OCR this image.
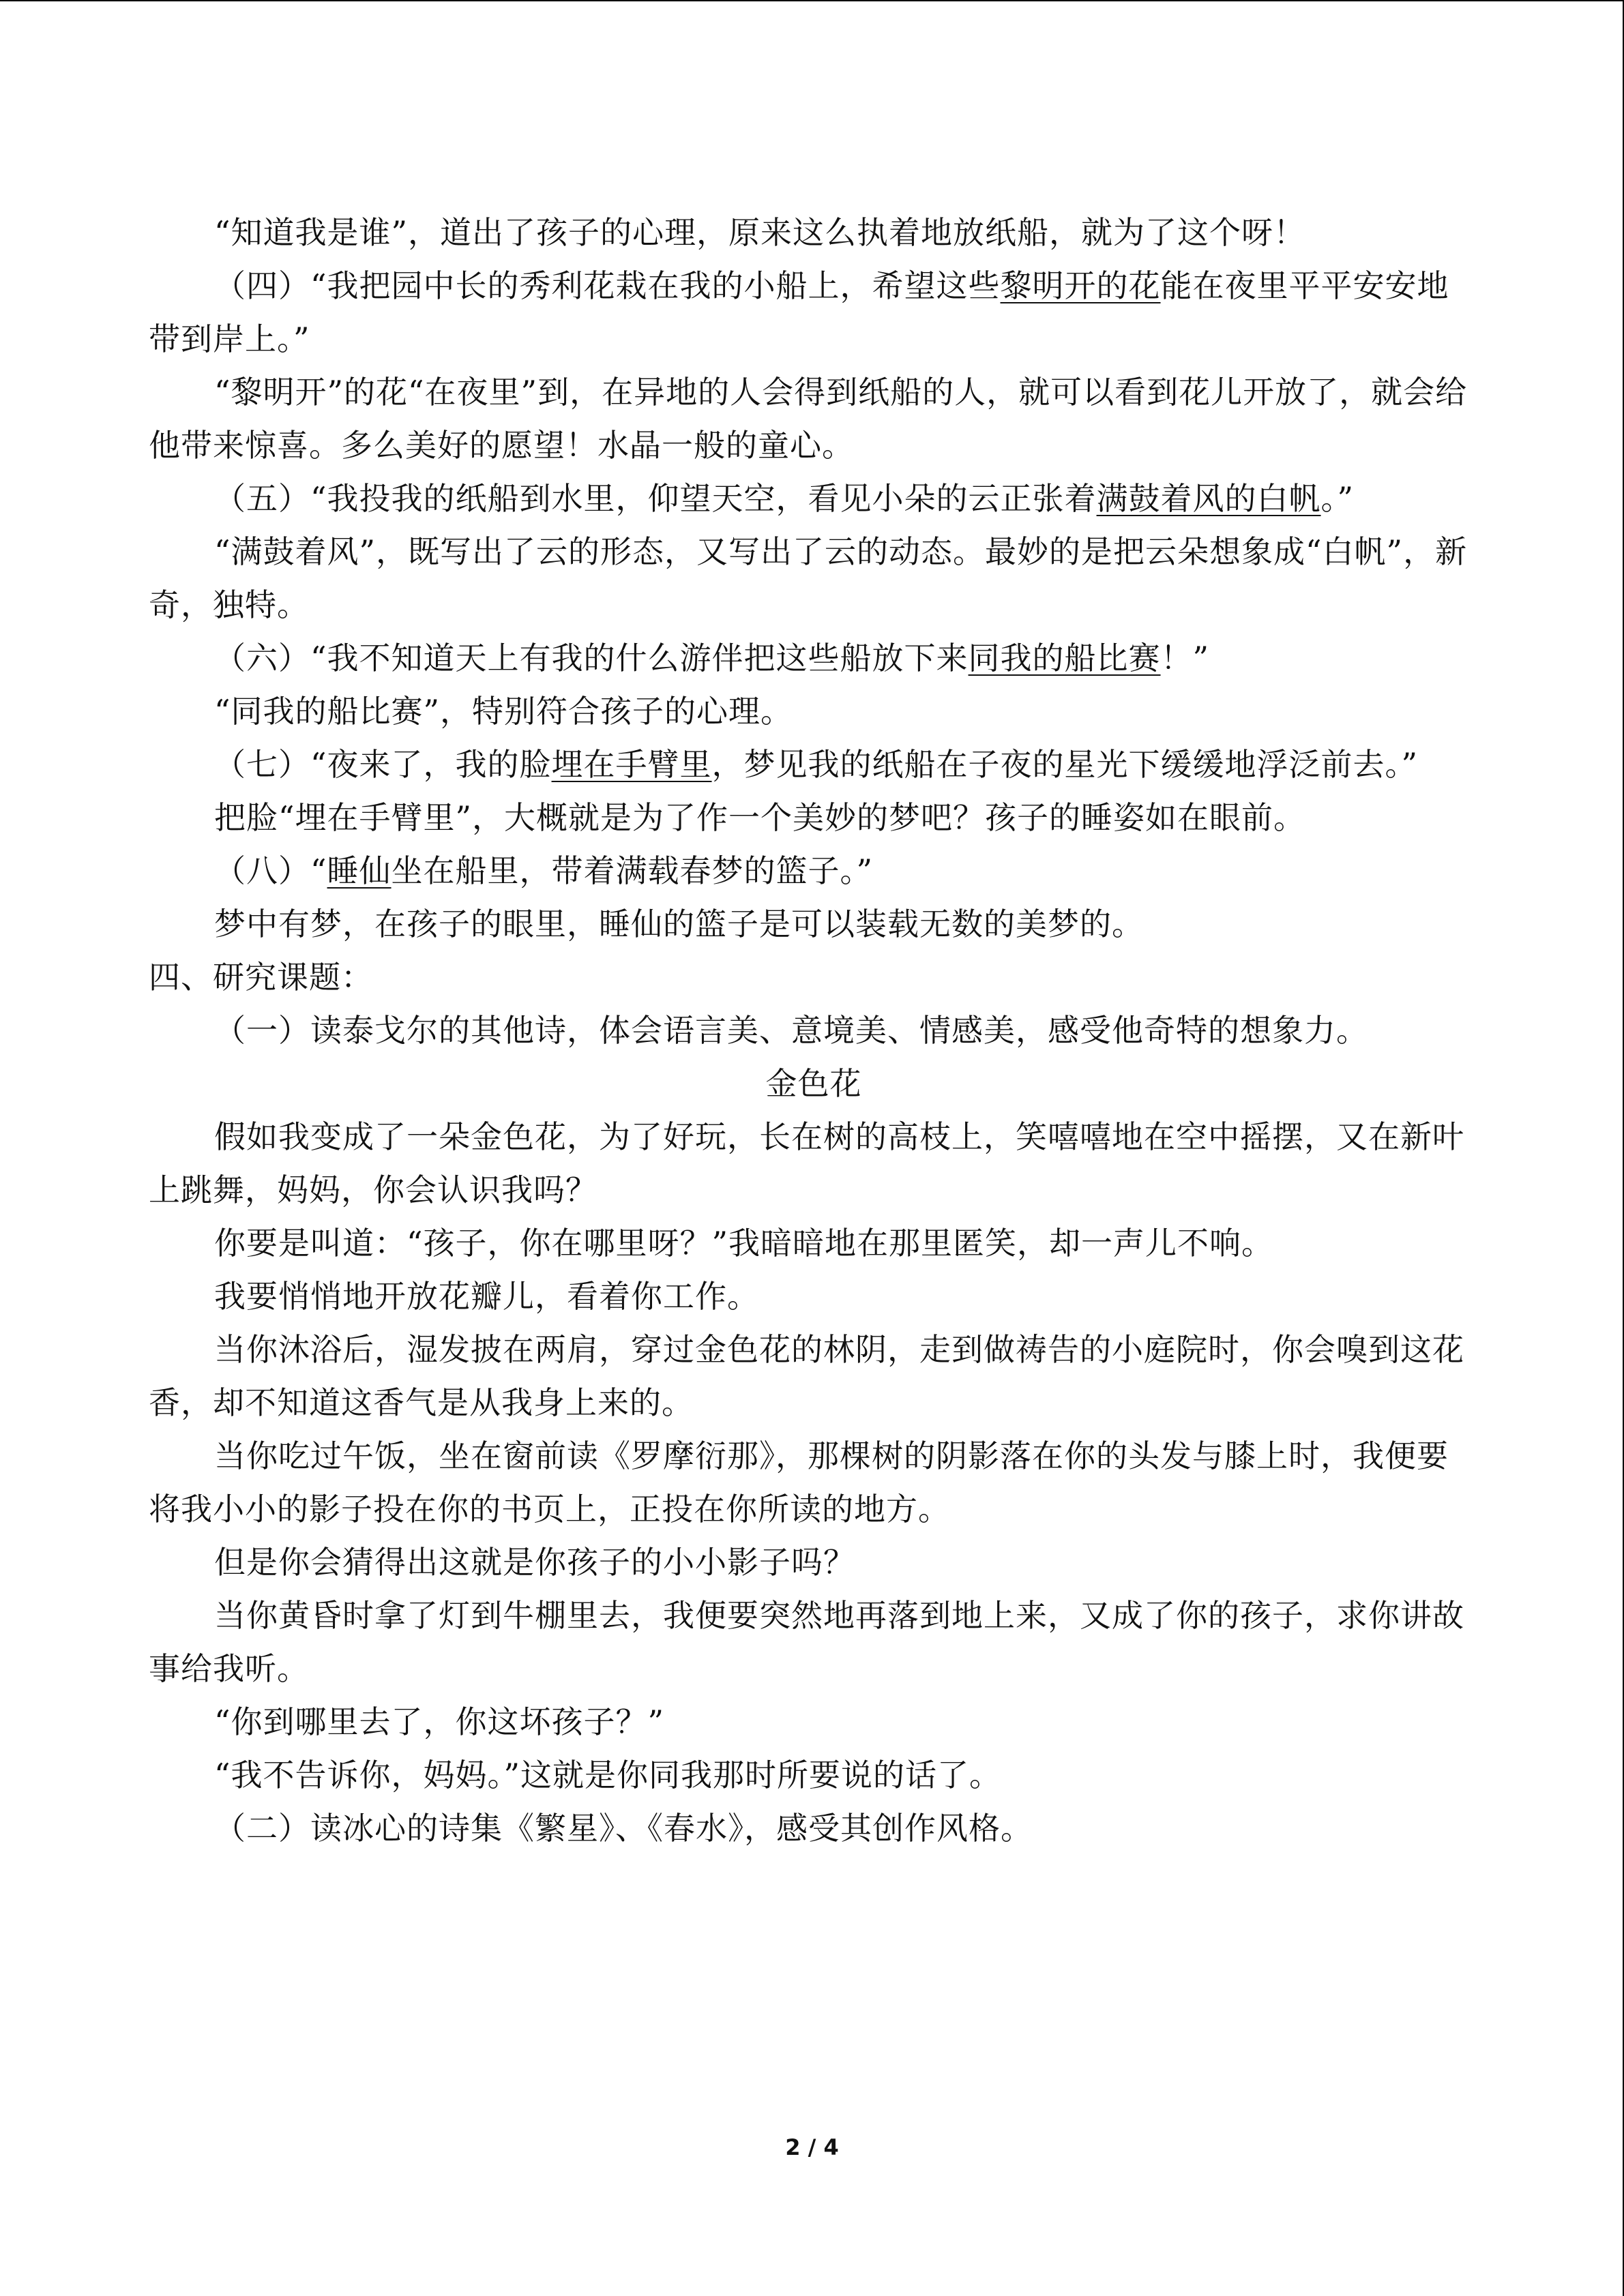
“知道我是谁”，道出了孩子的心理，原来这么执着地放纸船，就为了这个呀！

（四）“我把园中长的秀利花栽在我的小船上，希望这些黎明开的花能在夜里平平安安地带到岸上。”

“黎明开”的花“在夜里”到，在异地的人会得到纸船的人，就可以看到花儿开放了，就会给他带来惊喜。多么美好的愿望！水晶一般的童心。

（五）“我投我的纸船到水里，仰望天空，看见小朵的云正张着满鼓着风的白帆。”

“满鼓着风”，既写出了云的形态，又写出了云的动态。最妙的是把云朵想象成“白帆”，新奇，独特。

（六）“我不知道天上有我的什么游伴把这些船放下来同我的船比赛！”

“同我的船比赛”，特别符合孩子的心理。

（七）“夜来了，我的脸埋在手臂里，梦见我的纸船在子夜的星光下缓缓地浮泛前去。”

把脸“埋在手臂里”，大概就是为了作一个美妙的梦吧？孩子的睡姿如在眼前。

（八）“睡仙坐在船里，带着满载春梦的篮子。”

梦中有梦，在孩子的眼里，睡仙的篮子是可以装载无数的美梦的。

四、研究课题：

（一）读泰戈尔的其他诗，体会语言美、意境美、情感美，感受他奇特的想象力。

金色花

假如我变成了一朵金色花，为了好玩，长在树的高枝上，笑嘻嘻地在空中摇摆，又在新叶上跳舞，妈妈，你会认识我吗？

你要是叫道：“孩子，你在哪里呀？”我暗暗地在那里匿笑，却一声儿不响。

我要悄悄地开放花瓣儿，看着你工作。

当你沐浴后，湿发披在两肩，穿过金色花的林阴，走到做祷告的小庭院时，你会嗅到这花香，却不知道这香气是从我身上来的。

当你吃过午饭，坐在窗前读《罗摩衍那》，那棵树的阴影落在你的头发与膝上时，我便要将我小小的影子投在你的书页上，正投在你所读的地方。

但是你会猜得出这就是你孩子的小小影子吗？

当你黄昏时拿了灯到牛棚里去，我便要突然地再落到地上来，又成了你的孩子，求你讲故事给我听。

“你到哪里去了，你这坏孩子？”

“我不告诉你，妈妈。”这就是你同我那时所要说的话了。

（二）读冰心的诗集《繁星》、《春水》，感受其创作风格。

2 / 4
